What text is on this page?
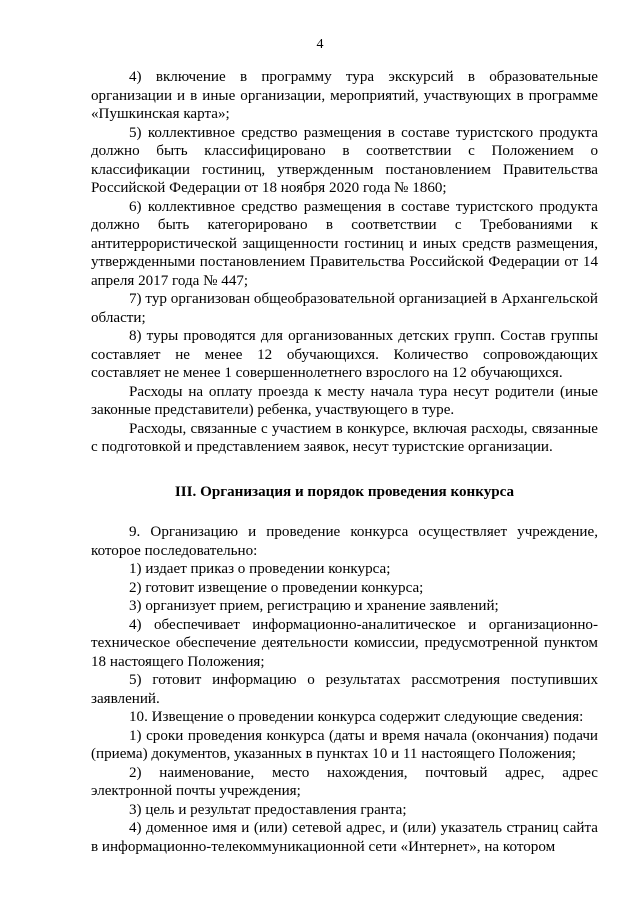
4

4) включение в программу тура экскурсий в образовательные организации и в иные организации, мероприятий, участвующих в программе «Пушкинская карта»;

5) коллективное средство размещения в составе туристского продукта должно быть классифицировано в соответствии с Положением о классификации гостиниц, утвержденным постановлением Правительства Российской Федерации от 18 ноября 2020 года № 1860;

6) коллективное средство размещения в составе туристского продукта должно быть категорировано в соответствии с Требованиями к антитеррористической защищенности гостиниц и иных средств размещения, утвержденными постановлением Правительства Российской Федерации от 14 апреля 2017 года № 447;

7) тур организован общеобразовательной организацией в Архангельской области;

8) туры проводятся для организованных детских групп. Состав группы составляет не менее 12 обучающихся. Количество сопровождающих составляет не менее 1 совершеннолетнего взрослого на 12 обучающихся.

Расходы на оплату проезда к месту начала тура несут родители (иные законные представители) ребенка, участвующего в туре.

Расходы, связанные с участием в конкурсе, включая расходы, связанные с подготовкой и представлением заявок, несут туристские организации.

III. Организация и порядок проведения конкурса

9. Организацию и проведение конкурса осуществляет учреждение, которое последовательно:

1) издает приказ о проведении конкурса;

2) готовит извещение о проведении конкурса;

3) организует прием, регистрацию и хранение заявлений;

4) обеспечивает информационно-аналитическое и организационно-техническое обеспечение деятельности комиссии, предусмотренной пунктом 18 настоящего Положения;

5) готовит информацию о результатах рассмотрения поступивших заявлений.

10. Извещение о проведении конкурса содержит следующие сведения:

1) сроки проведения конкурса (даты и время начала (окончания) подачи (приема) документов, указанных в пунктах 10 и 11 настоящего Положения;

2) наименование, место нахождения, почтовый адрес, адрес электронной почты учреждения;

3) цель и результат предоставления гранта;

4) доменное имя и (или) сетевой адрес, и (или) указатель страниц сайта в информационно-телекоммуникационной сети «Интернет», на котором
